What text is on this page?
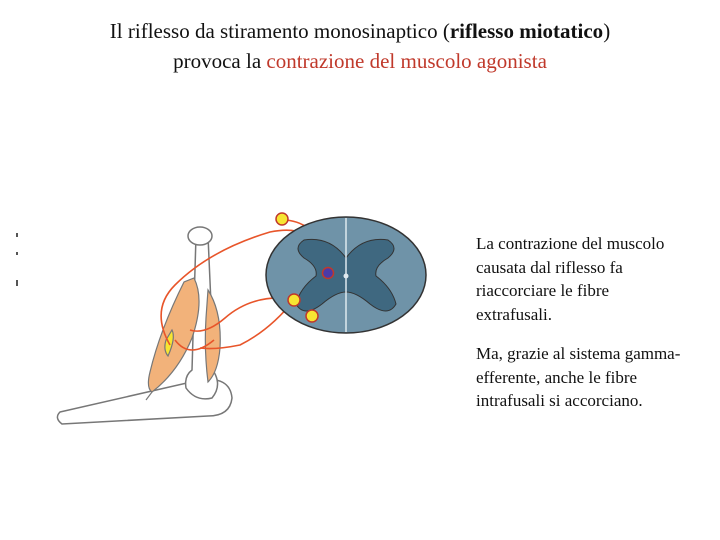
Il riflesso da stiramento monosinaptico (riflesso miotatico)
provoca la contrazione del muscolo agonista
La contrazione del muscolo causata dal riflesso fa riaccorciare le fibre extrafusali.
Ma, grazie al sistema gamma-efferente, anche le fibre intrafusali si accorciano.
